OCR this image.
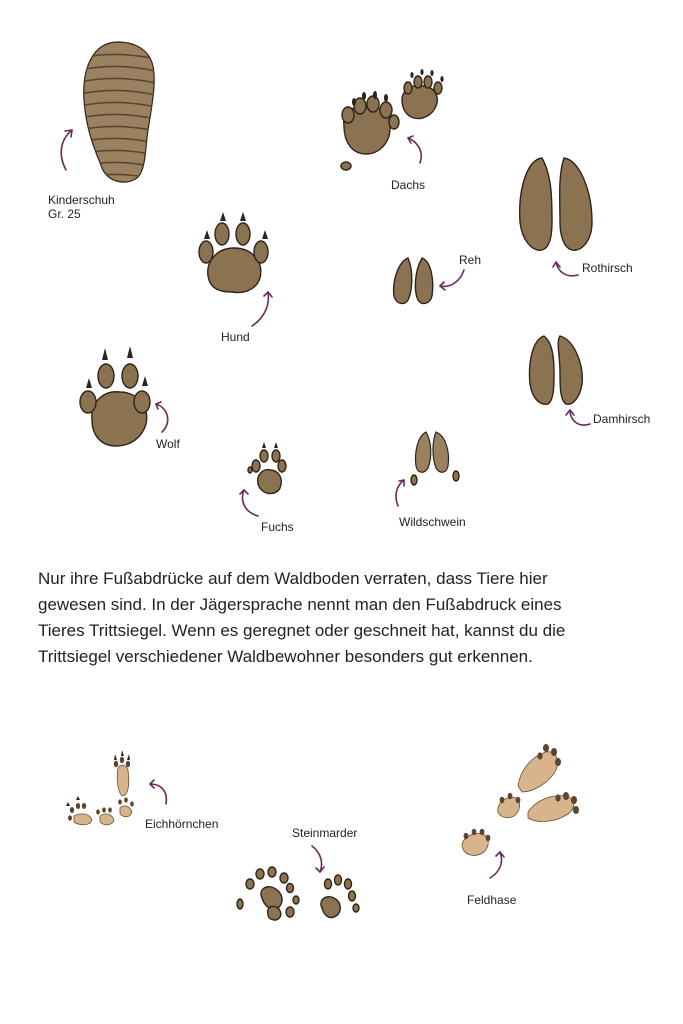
Kinderschuh
Gr. 25
Dachs
Rothirsch
Reh
Hund
Damhirsch
Wolf
Fuchs	Wildschwein
Eichhörnchen
Steinmarder
Feldhase
Nur ihre Fußabdrücke auf dem Waldboden verraten, dass Tiere hier
gewesen sind. In der Jägersprache nennt man den Fußabdruck eines
Tieres Trittsiegel. Wenn es geregnet oder geschneit hat, kannst du die
Trittsiegel verschiedener Waldbewohner besonders gut erkennen.
